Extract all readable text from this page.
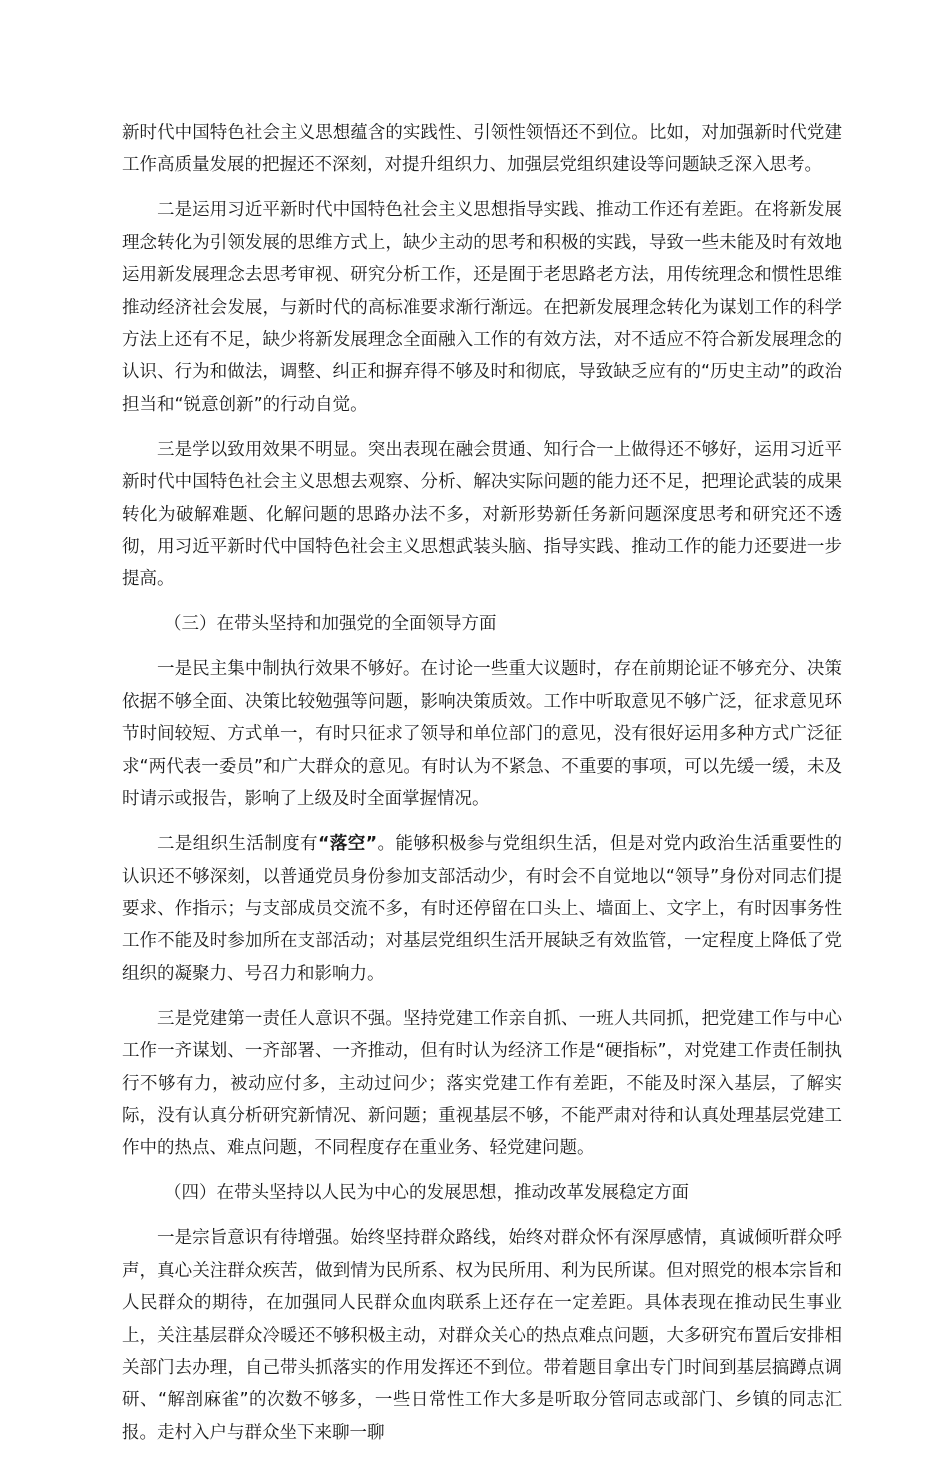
新时代中国特色社会主义思想蕴含的实践性、引领性领悟还不到位。比如，对加强新时代党建工作高质量发展的把握还不深刻，对提升组织力、加强层党组织建设等问题缺乏深入思考。

二是运用习近平新时代中国特色社会主义思想指导实践、推动工作还有差距。在将新发展理念转化为引领发展的思维方式上，缺少主动的思考和积极的实践，导致一些未能及时有效地运用新发展理念去思考审视、研究分析工作，还是囿于老思路老方法，用传统理念和惯性思维推动经济社会发展，与新时代的高标准要求渐行渐远。在把新发展理念转化为谋划工作的科学方法上还有不足，缺少将新发展理念全面融入工作的有效方法，对不适应不符合新发展理念的认识、行为和做法，调整、纠正和摒弃得不够及时和彻底，导致缺乏应有的“历史主动”的政治担当和“锐意创新”的行动自觉。

三是学以致用效果不明显。突出表现在融会贯通、知行合一上做得还不够好，运用习近平新时代中国特色社会主义思想去观察、分析、解决实际问题的能力还不足，把理论武装的成果转化为破解难题、化解问题的思路办法不多，对新形势新任务新问题深度思考和研究还不透彻，用习近平新时代中国特色社会主义思想武装头脑、指导实践、推动工作的能力还要进一步提高。

（三）在带头坚持和加强党的全面领导方面

一是民主集中制执行效果不够好。在讨论一些重大议题时，存在前期论证不够充分、决策依据不够全面、决策比较勉强等问题，影响决策质效。工作中听取意见不够广泛，征求意见环节时间较短、方式单一，有时只征求了领导和单位部门的意见，没有很好运用多种方式广泛征求“两代表一委员”和广大群众的意见。有时认为不紧急、不重要的事项，可以先缓一缓，未及时请示或报告，影响了上级及时全面掌握情况。

二是组织生活制度有“落空”。能够积极参与党组织生活，但是对党内政治生活重要性的认识还不够深刻，以普通党员身份参加支部活动少，有时会不自觉地以“领导”身份对同志们提要求、作指示；与支部成员交流不多，有时还停留在口头上、墙面上、文字上，有时因事务性工作不能及时参加所在支部活动；对基层党组织生活开展缺乏有效监管，一定程度上降低了党组织的凝聚力、号召力和影响力。

三是党建第一责任人意识不强。坚持党建工作亲自抓、一班人共同抓，把党建工作与中心工作一齐谋划、一齐部署、一齐推动，但有时认为经济工作是“硬指标”，对党建工作责任制执行不够有力，被动应付多，主动过问少；落实党建工作有差距，不能及时深入基层，了解实际，没有认真分析研究新情况、新问题；重视基层不够，不能严肃对待和认真处理基层党建工作中的热点、难点问题，不同程度存在重业务、轻党建问题。

（四）在带头坚持以人民为中心的发展思想，推动改革发展稳定方面

一是宗旨意识有待增强。始终坚持群众路线，始终对群众怀有深厚感情，真诚倾听群众呼声，真心关注群众疾苦，做到情为民所系、权为民所用、利为民所谋。但对照党的根本宗旨和人民群众的期待，在加强同人民群众血肉联系上还存在一定差距。具体表现在推动民生事业上，关注基层群众冷暖还不够积极主动，对群众关心的热点难点问题，大多研究布置后安排相关部门去办理，自己带头抓落实的作用发挥还不到位。带着题目拿出专门时间到基层搞蹲点调研、“解剖麻雀”的次数不够多，一些日常性工作大多是听取分管同志或部门、乡镇的同志汇报。走村入户与群众坐下来聊一聊
